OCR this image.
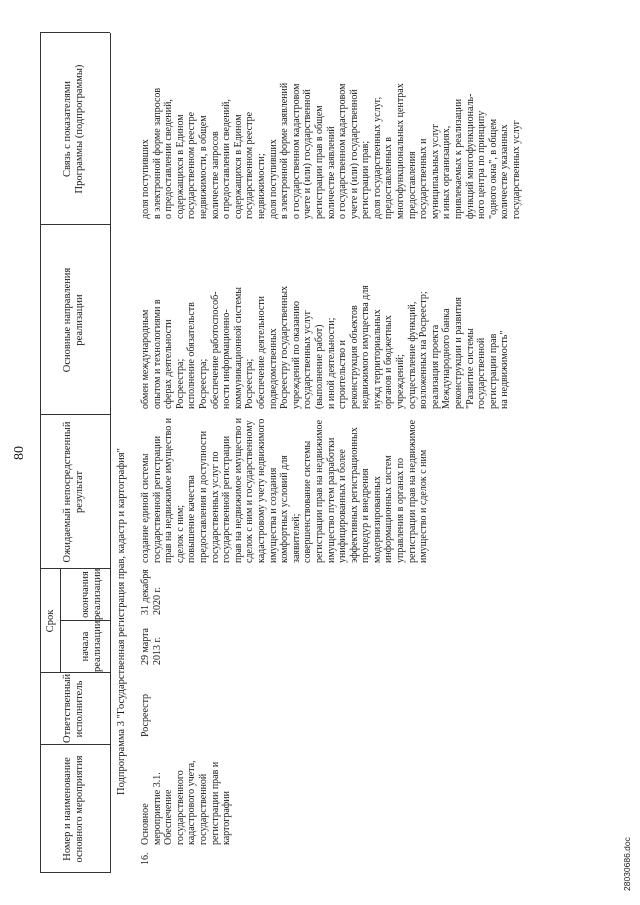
80
Номер и наименование основного мероприятия
Ответственный исполнитель
Срок
начала реализации
окончания реализации
Ожидаемый непосредственный результат
Основные направления реализации
Связь с показателями Программы (подпрограммы)
Подпрограмма 3 "Государственная регистрация прав, кадастр и картография"
16.
Основное мероприятие 3.1. Обеспечение государственного кадастрового учета, государственной регистрации прав и картографии
Росреестр
29 марта 2013 г.
31 декабря 2020 г.
создание единой системы государственной регистрации прав на недвижимое имущество и сделок с ним; повышение качества предоставления и доступности государственных услуг по государственной регистрации прав на недвижимое имущество и сделок с ним и государственному кадастровому учету недвижимого имущества и создания комфортных условий для заявителей; совершенствование системы регистрации прав на недвижимое имущество путем разработки унифицированных и более эффективных регистрационных процедур и внедрения модернизированных информационных систем управления в органах по регистрации прав на недвижимое имущество и сделок с ним
обмен международным опытом и технологиями в сферах деятельности Росреестра; исполнение обязательств Росреестра; обеспечение работоспособ- ности информационно- коммуникационной системы Росреестра; обеспечение деятельности подведомственных Росреестру государственных учреждений по оказанию государственных услуг (выполнение работ) и иной деятельности; строительство и реконструкция объектов недвижимого имущества для нужд территориальных органов и бюджетных учреждений; осуществление функций, возложенных на Росреестр; реализация проекта Международного банка реконструкции и развития "Развитие системы государственной регистрации прав на недвижимость"
доля поступивших в электронной форме запросов о предоставлении сведений, содержащихся в Едином государственном реестре недвижимости, в общем количестве запросов о предоставлении сведений, содержащихся в Едином государственном реестре недвижимости; доля поступивших в электронной форме заявлений о государственном кадастровом учете и (или) государственной регистрации прав в общем количестве заявлений о государственном кадастровом учете и (или) государственной регистрации прав; доля государственных услуг, предоставленных в многофункциональных центрах предоставления государственных и муниципальных услуг и иных организациях, привлекаемых к реализации функций многофункциональ- ного центра по принципу "одного окна", в общем количестве указанных государственных услуг
28030686.doc
